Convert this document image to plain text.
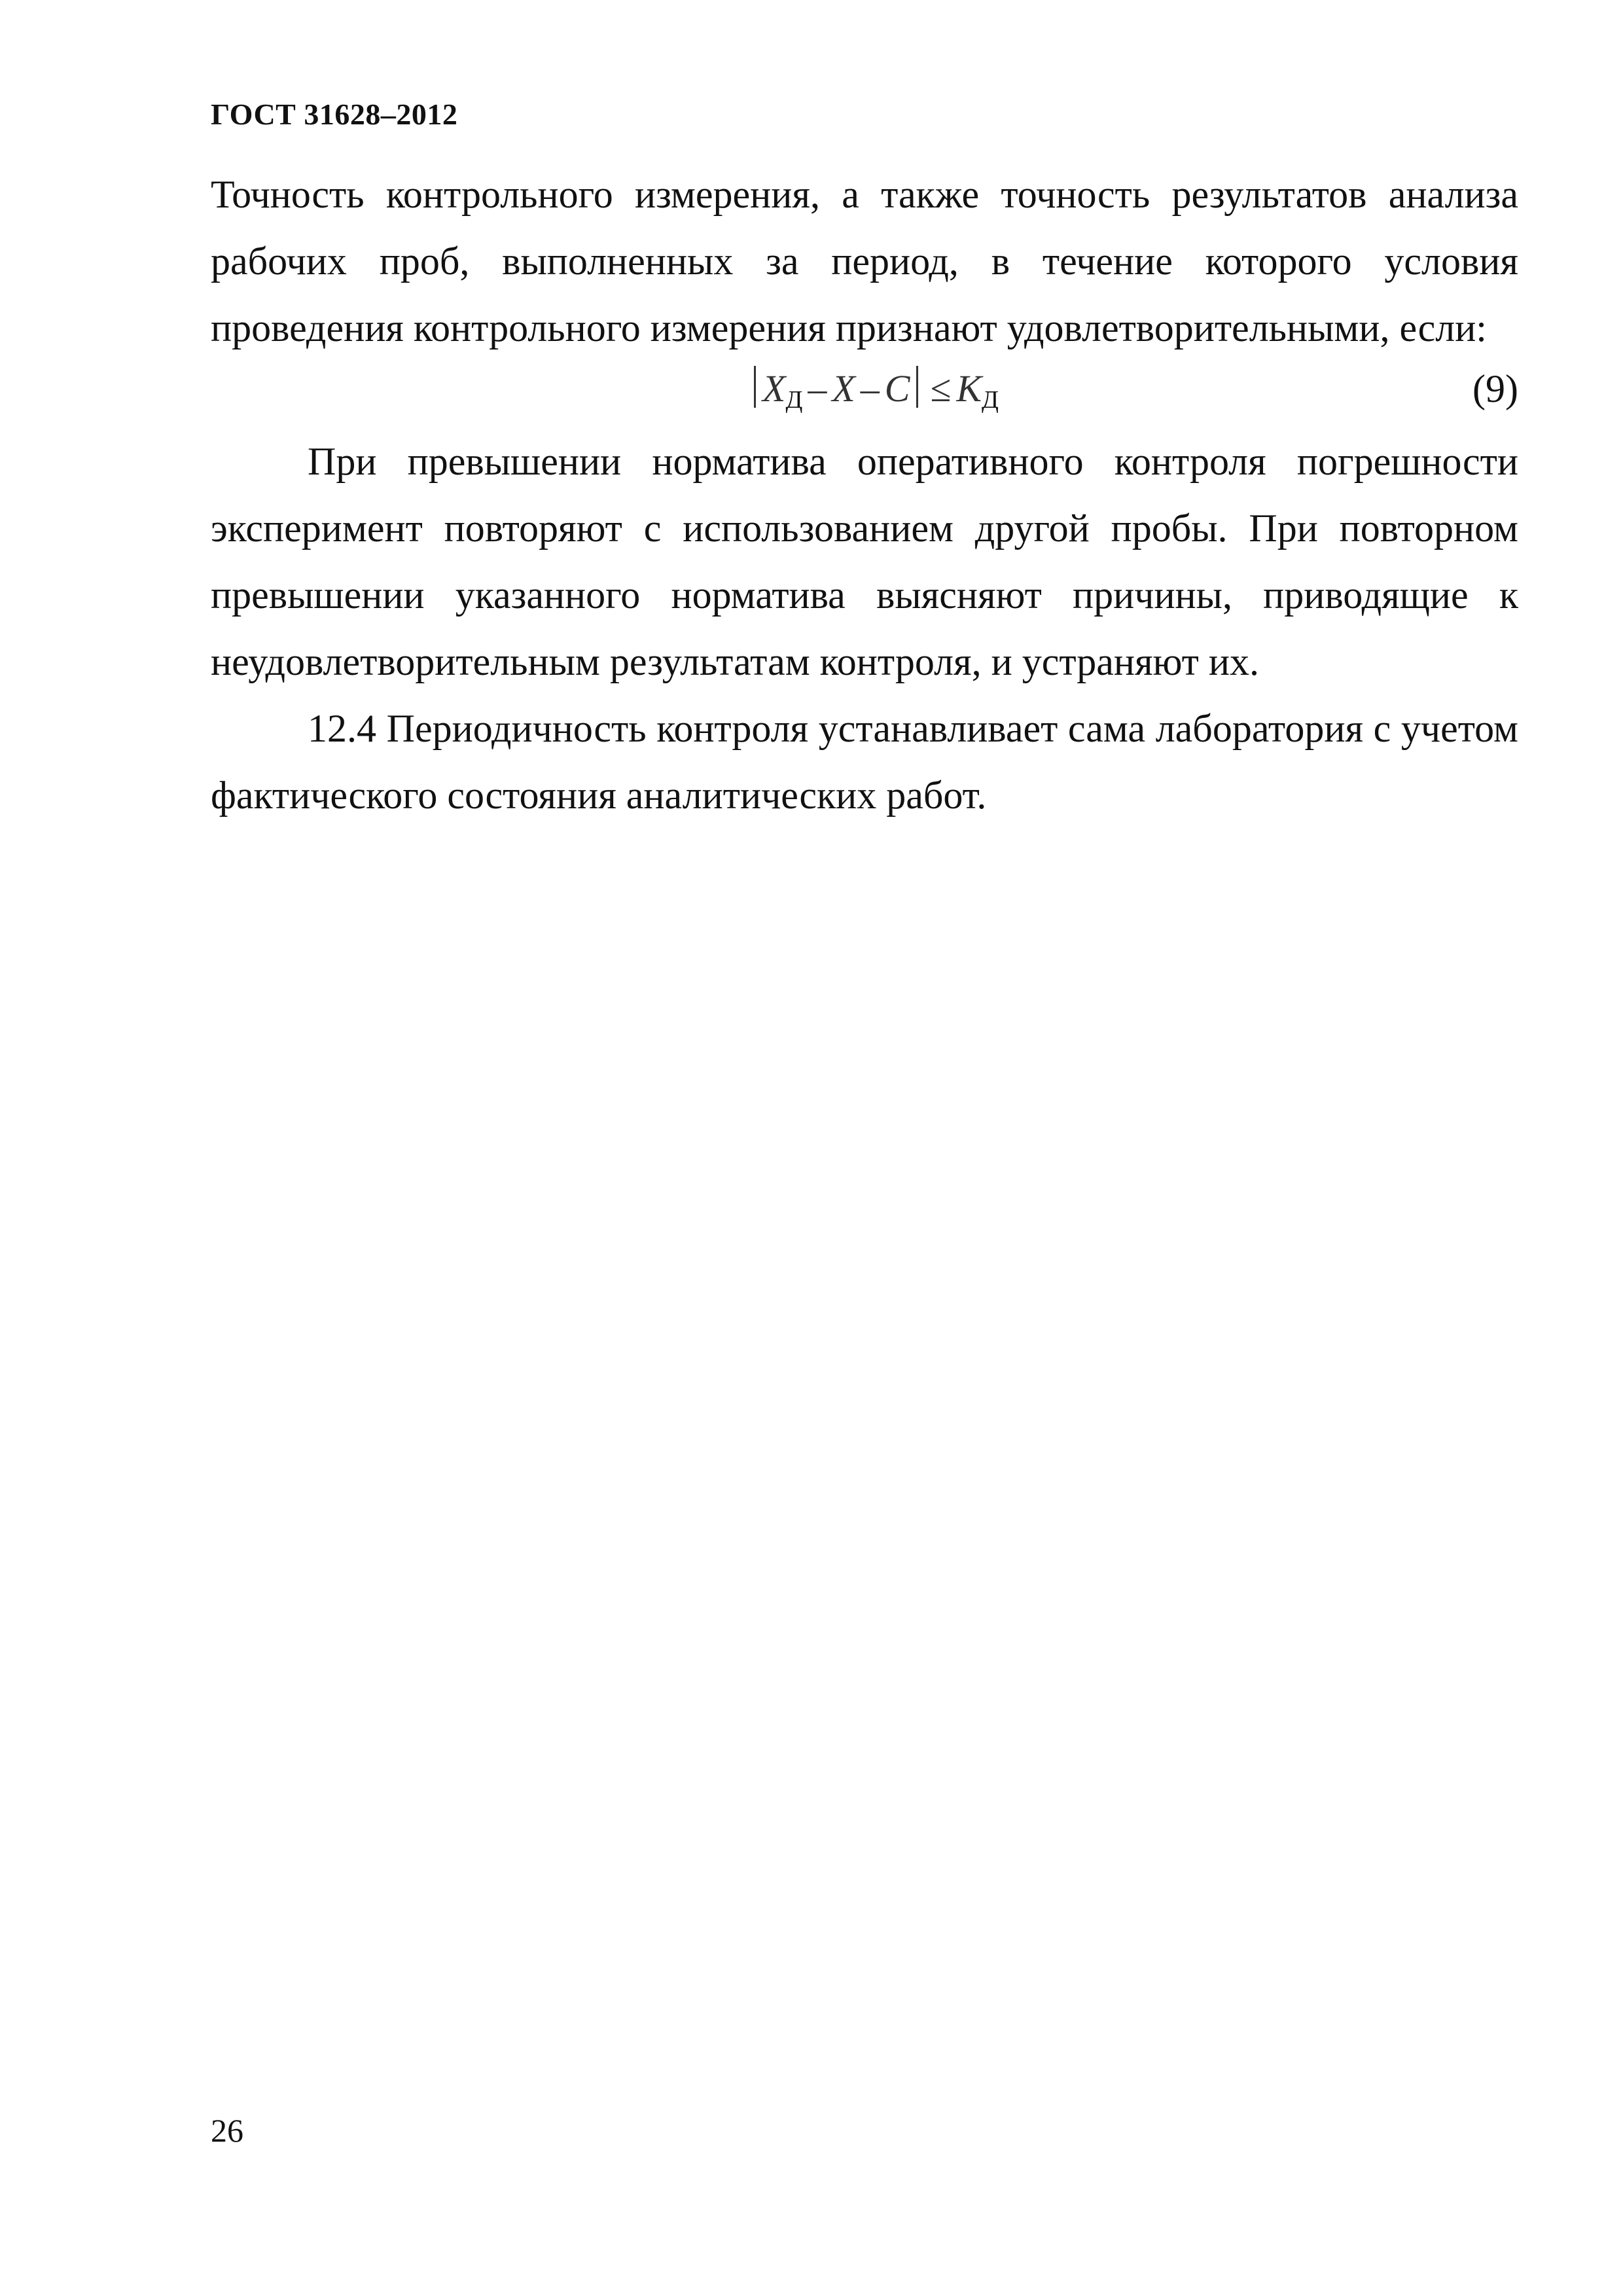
ГОСТ 31628–2012
Точность контрольного измерения, а также точность результатов анализа рабочих проб, выполненных за период, в течение которого условия проведения контрольного измерения признают удовлетворительными, если:
$X_Д - X - C \le K_Д$	(9)
При превышении норматива оперативного контроля погрешности эксперимент повторяют с использованием другой пробы. При повторном превышении указанного норматива выясняют причины, приводящие к неудовлетворительным результатам контроля, и устраняют их.
12.4 Периодичность контроля устанавливает сама лаборатория с учетом фактического состояния аналитических работ.
26
